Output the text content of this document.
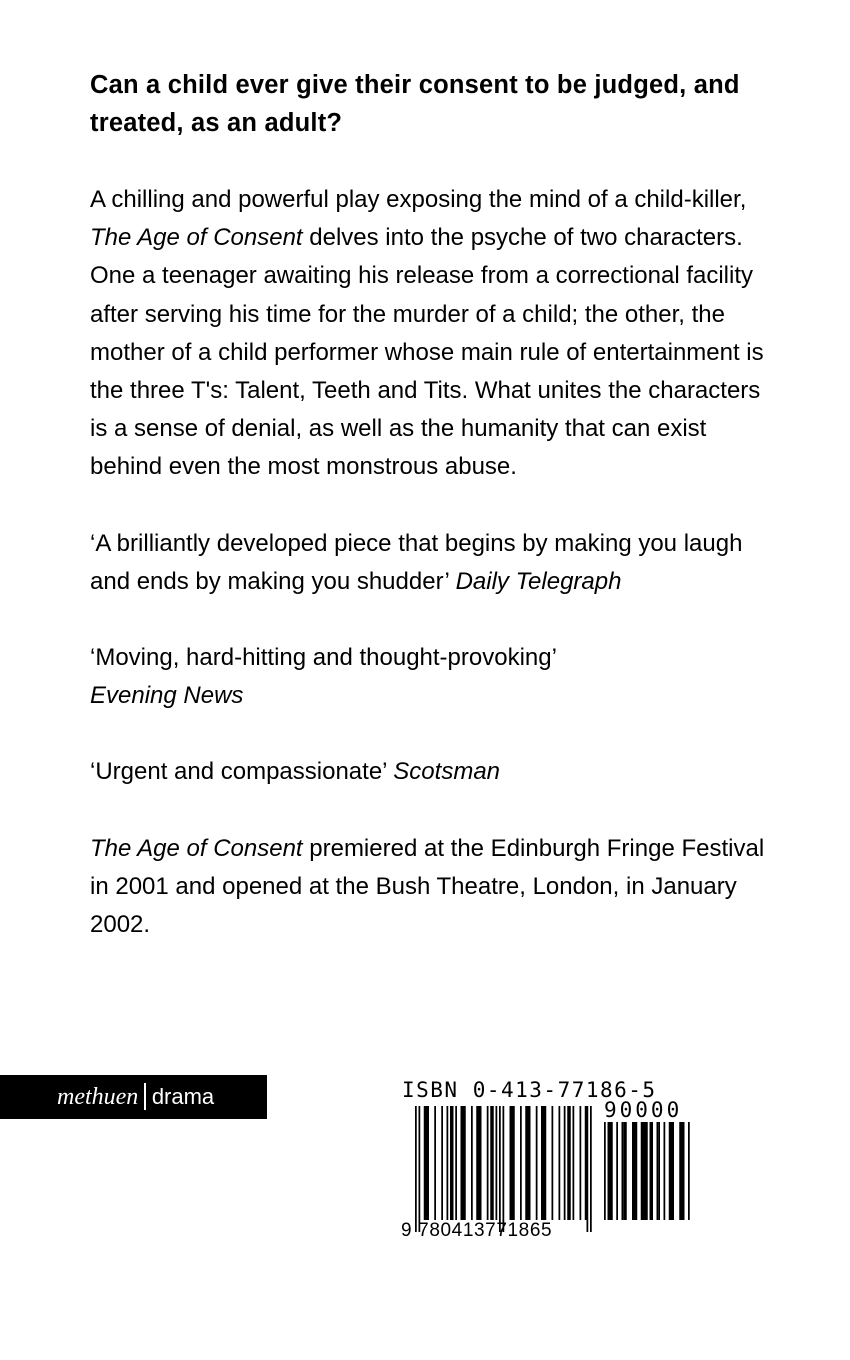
Can a child ever give their consent to be judged, and treated, as an adult?

A chilling and powerful play exposing the mind of a child-killer, The Age of Consent delves into the psyche of two characters. One a teenager awaiting his release from a correctional facility after serving his time for the murder of a child; the other, the mother of a child performer whose main rule of entertainment is the three T's: Talent, Teeth and Tits. What unites the characters is a sense of denial, as well as the humanity that can exist behind even the most monstrous abuse.

‘A brilliantly developed piece that begins by making you laugh and ends by making you shudder’ Daily Telegraph

‘Moving, hard-hitting and thought-provoking’
Evening News

‘Urgent and compassionate’ Scotsman

The Age of Consent premiered at the Edinburgh Fringe Festival in 2001 and opened at the Bush Theatre, London, in January 2002.

methuen drama	ISBN 0-413-77186-5
90000
9 780413771865
